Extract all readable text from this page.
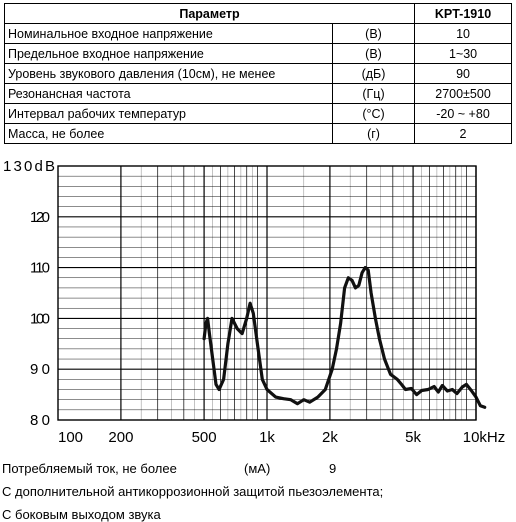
Параметр		KPT-1910
Номинальное входное напряжение	(В)	10
Предельное входное напряжение	(В)	1~30
Уровень звукового давления (10см), не менее	(дБ)	90
Резонансная частота	(Гц)	2700±500
Интервал рабочих температур	(°C)	-20 ~ +80
Масса, не более	(г)	2
130dB
120
110
100
90
80
100 200	500	1k	2k	5k	10kHz
Потребляемый ток, не более	(мА)	9
С дополнительной антикоррозионной защитой пьезоэлемента;
С боковым выходом звука
